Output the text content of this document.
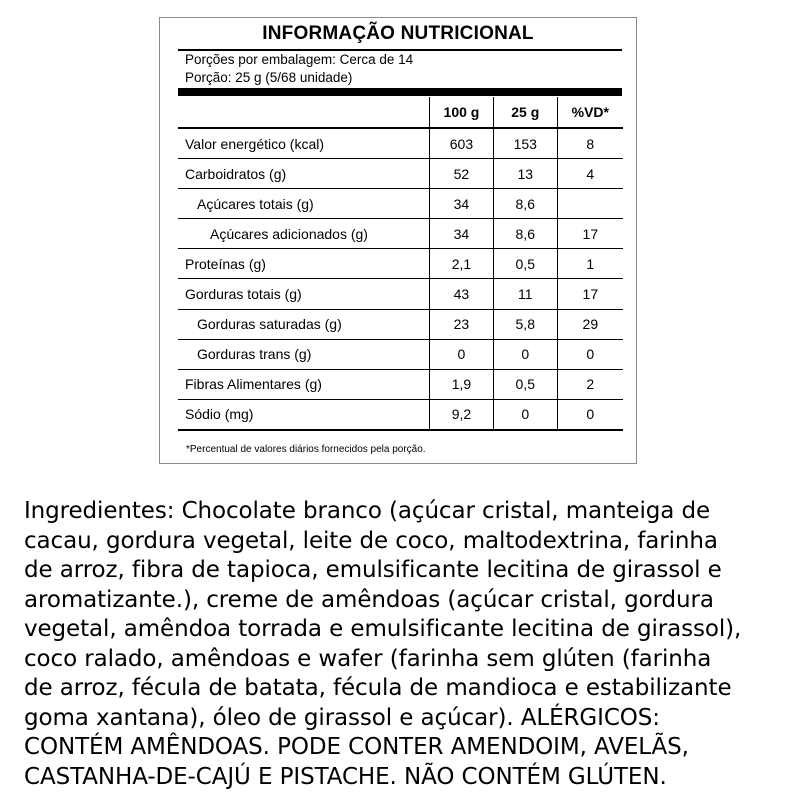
INFORMAÇÃO NUTRICIONAL
Porções por embalagem: Cerca de 14
Porção: 25 g (5/68 unidade)
	100 g	25 g	%VD*
Valor energético (kcal)	603	153	8
Carboidratos (g)	52	13	4
Açúcares totais (g)	34	8,6	
Açúcares adicionados (g)	34	8,6	17
Proteínas (g)	2,1	0,5	1
Gorduras totais (g)	43	11	17
Gorduras saturadas (g)	23	5,8	29
Gorduras trans (g)	0	0	0
Fibras Alimentares (g)	1,9	0,5	2
Sódio (mg)	9,2	0	0
*Percentual de valores diários fornecidos pela porção.
Ingredientes: Chocolate branco (açúcar cristal, manteiga de
cacau, gordura vegetal, leite de coco, maltodextrina, farinha
de arroz, fibra de tapioca, emulsificante lecitina de girassol e
aromatizante.), creme de amêndoas (açúcar cristal, gordura
vegetal, amêndoa torrada e emulsificante lecitina de girassol),
coco ralado, amêndoas e wafer (farinha sem glúten (farinha
de arroz, fécula de batata, fécula de mandioca e estabilizante
goma xantana), óleo de girassol e açúcar). ALÉRGICOS:
CONTÉM AMÊNDOAS. PODE CONTER AMENDOIM, AVELÃS,
CASTANHA-DE-CAJÚ E PISTACHE. NÃO CONTÉM GLÚTEN.
